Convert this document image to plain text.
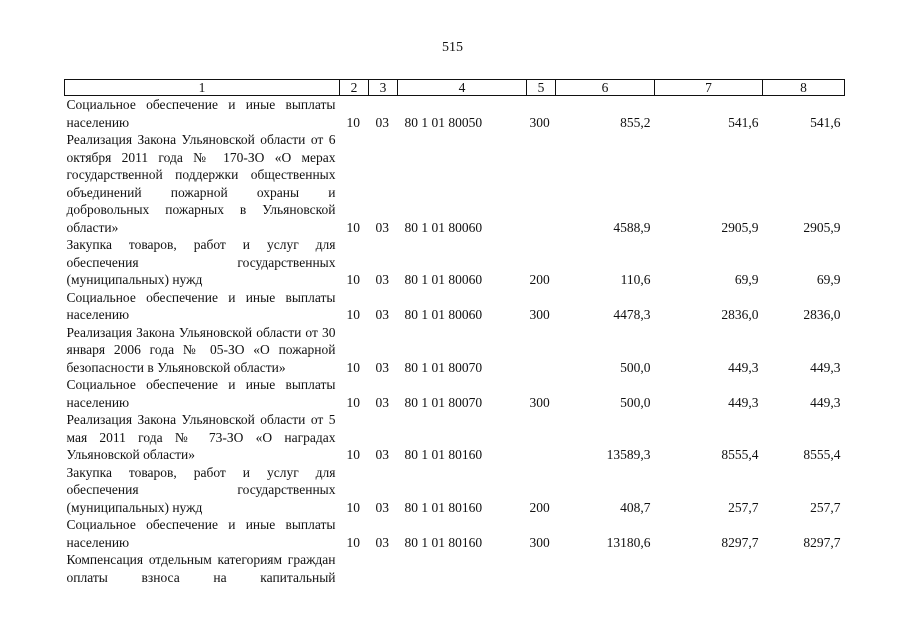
515
1	2	3	4	5	6	7	8
Социальное обеспечение и иные выплаты населению	10	03	80 1 01 80050	300	855,2	541,6	541,6
Реализация Закона Ульяновской области от 6 октября 2011 года № 170-ЗО «О мерах государственной поддержки общественных объединений пожарной охраны и добровольных пожарных в Ульяновской области»	10	03	80 1 01 80060		4588,9	2905,9	2905,9
Закупка товаров, работ и услуг для обеспечения государственных (муниципальных) нужд	10	03	80 1 01 80060	200	110,6	69,9	69,9
Социальное обеспечение и иные выплаты населению	10	03	80 1 01 80060	300	4478,3	2836,0	2836,0
Реализация Закона Ульяновской области от 30 января 2006 года № 05-ЗО «О пожарной безопасности в Ульяновской области»	10	03	80 1 01 80070		500,0	449,3	449,3
Социальное обеспечение и иные выплаты населению	10	03	80 1 01 80070	300	500,0	449,3	449,3
Реализация Закона Ульяновской области от 5 мая 2011 года № 73-ЗО «О наградах Ульяновской области»	10	03	80 1 01 80160		13589,3	8555,4	8555,4
Закупка товаров, работ и услуг для обеспечения государственных (муниципальных) нужд	10	03	80 1 01 80160	200	408,7	257,7	257,7
Социальное обеспечение и иные выплаты населению	10	03	80 1 01 80160	300	13180,6	8297,7	8297,7
Компенсация отдельным категориям граждан оплаты взноса на капитальный							
